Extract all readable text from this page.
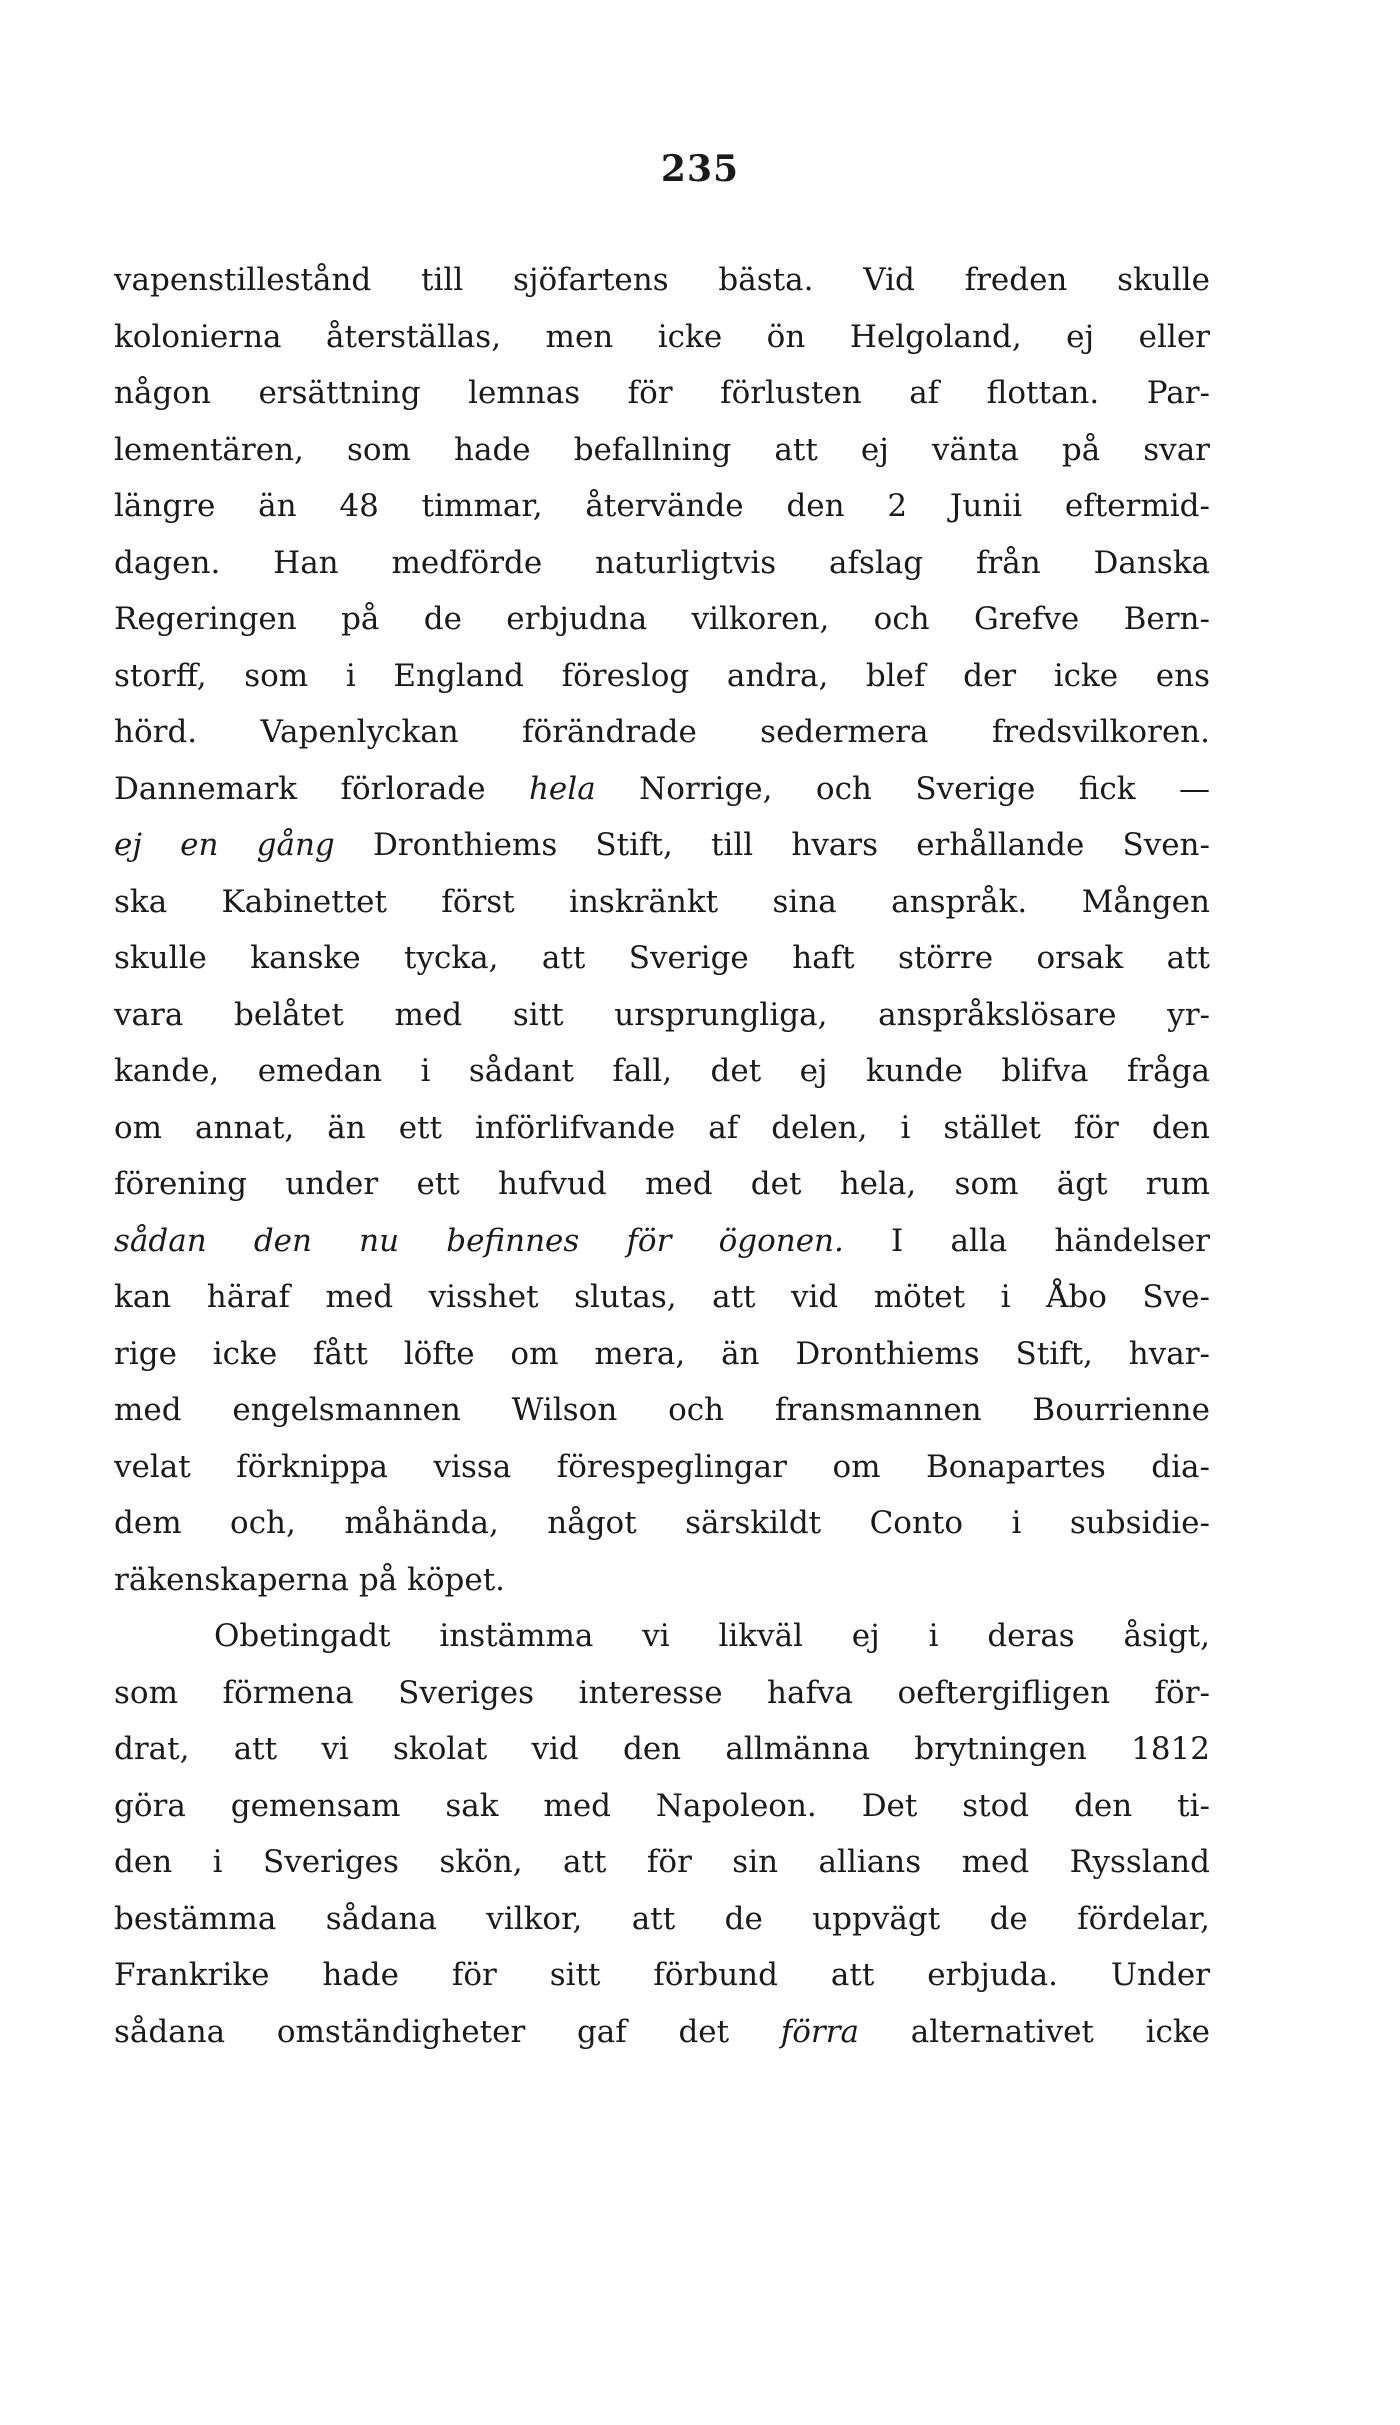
235
vapenstillestånd till sjöfartens bästa. Vid freden skulle
kolonierna återställas, men icke ön Helgoland, ej eller
någon ersättning lemnas för förlusten af flottan. Par-
lementären, som hade befallning att ej vänta på svar
längre än 48 timmar, återvände den 2 Junii eftermid-
dagen. Han medförde naturligtvis afslag från Danska
Regeringen på de erbjudna vilkoren, och Grefve Bern-
storff, som i England föreslog andra, blef der icke ens
hörd. Vapenlyckan förändrade sedermera fredsvilkoren.
Dannemark förlorade hela Norrige, och Sverige fick —
ej en gång Dronthiems Stift, till hvars erhållande Sven-
ska Kabinettet först inskränkt sina anspråk. Mången
skulle kanske tycka, att Sverige haft större orsak att
vara belåtet med sitt ursprungliga, anspråkslösare yr-
kande, emedan i sådant fall, det ej kunde blifva fråga
om annat, än ett införlifvande af delen, i stället för den
förening under ett hufvud med det hela, som ägt rum
sådan den nu befinnes för ögonen. I alla händelser
kan häraf med visshet slutas, att vid mötet i Åbo Sve-
rige icke fått löfte om mera, än Dronthiems Stift, hvar-
med engelsmannen Wilson och fransmannen Bourrienne
velat förknippa vissa förespeglingar om Bonapartes dia-
dem och, måhända, något särskildt Conto i subsidie-
räkenskaperna på köpet.
Obetingadt instämma vi likväl ej i deras åsigt,
som förmena Sveriges interesse hafva oeftergifligen för-
drat, att vi skolat vid den allmänna brytningen 1812
göra gemensam sak med Napoleon. Det stod den ti-
den i Sveriges skön, att för sin allians med Ryssland
bestämma sådana vilkor, att de uppvägt de fördelar,
Frankrike hade för sitt förbund att erbjuda. Under
sådana omständigheter gaf det förra alternativet icke
